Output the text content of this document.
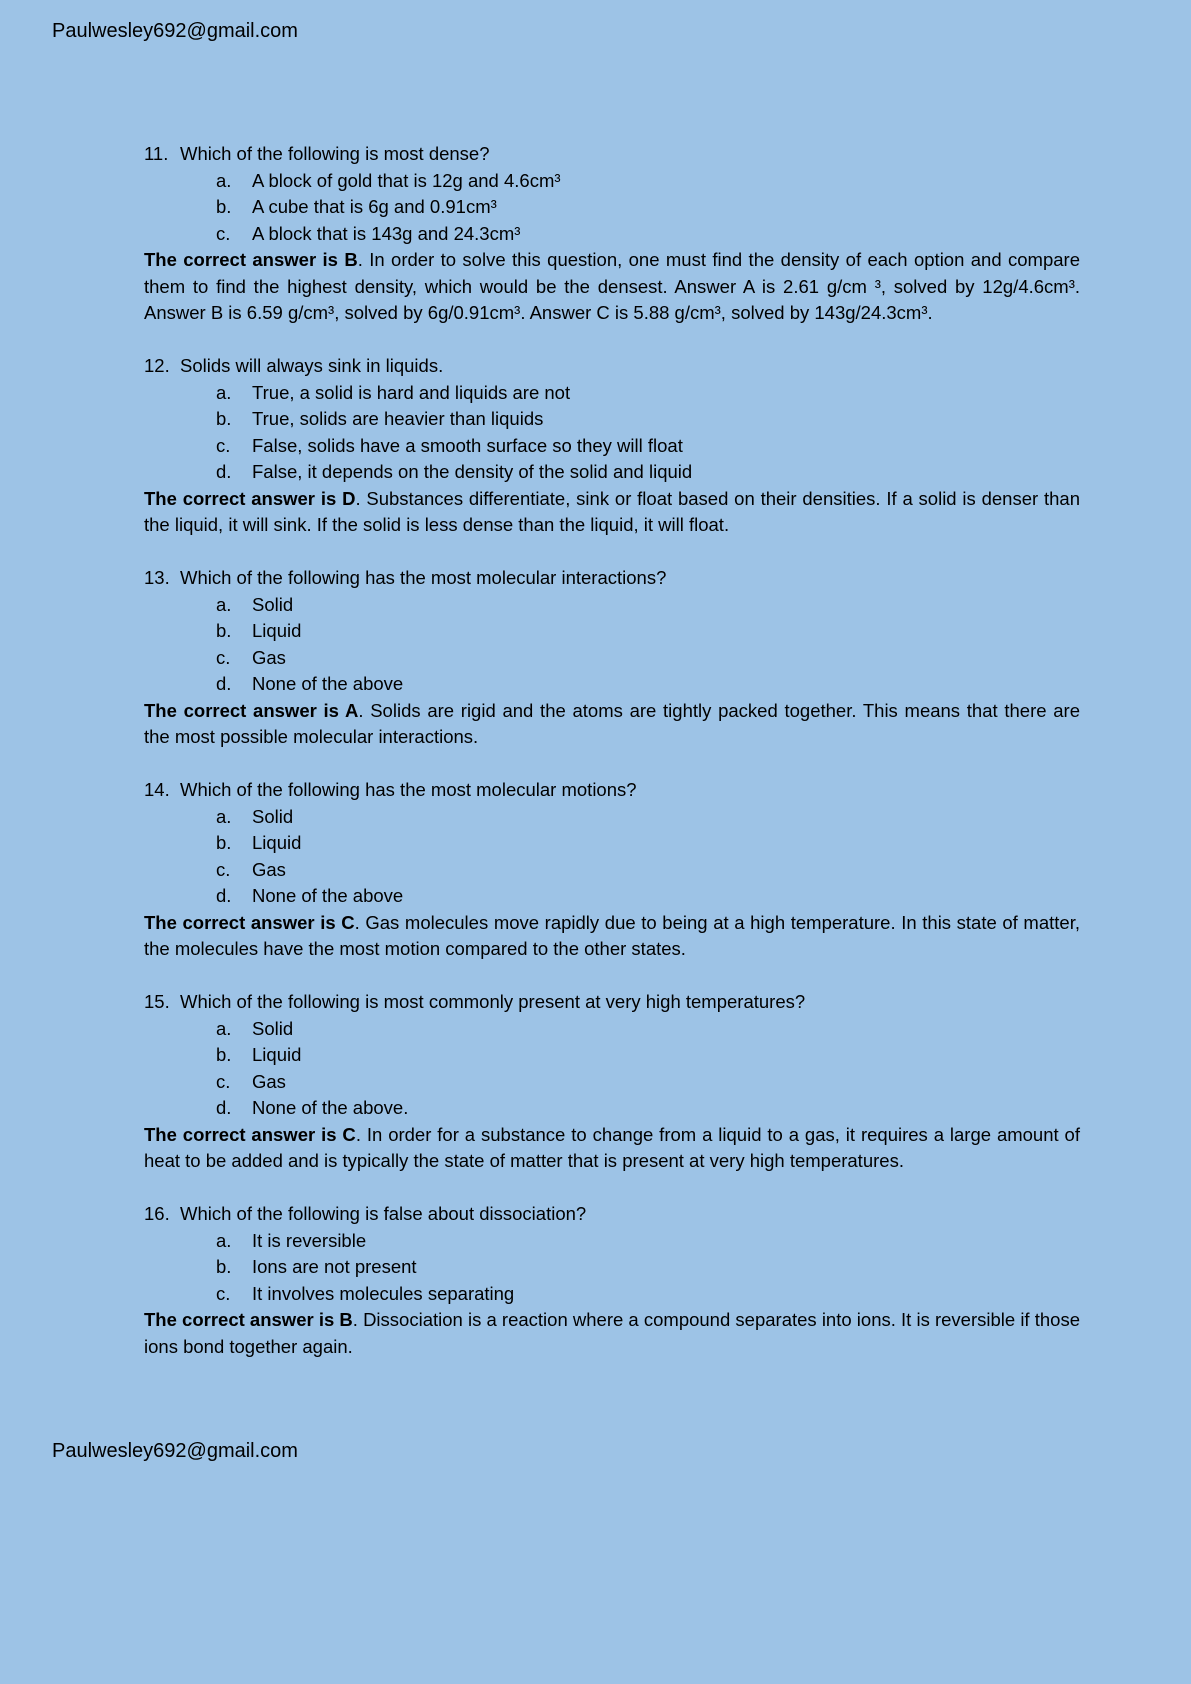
Paulwesley692@gmail.com
11. Which of the following is most dense?
a. A block of gold that is 12g and 4.6cm³
b. A cube that is 6g and 0.91cm³
c. A block that is 143g and 24.3cm³

The correct answer is B. In order to solve this question, one must find the density of each option and compare them to find the highest density, which would be the densest. Answer A is 2.61 g/cm ³, solved by 12g/4.6cm³. Answer B is 6.59 g/cm³, solved by 6g/0.91cm³. Answer C is 5.88 g/cm³, solved by 143g/24.3cm³.

12. Solids will always sink in liquids.
a. True, a solid is hard and liquids are not
b. True, solids are heavier than liquids
c. False, solids have a smooth surface so they will float
d. False, it depends on the density of the solid and liquid

The correct answer is D. Substances differentiate, sink or float based on their densities. If a solid is denser than the liquid, it will sink. If the solid is less dense than the liquid, it will float.

13. Which of the following has the most molecular interactions?
a. Solid
b. Liquid
c. Gas
d. None of the above

The correct answer is A. Solids are rigid and the atoms are tightly packed together. This means that there are the most possible molecular interactions.

14. Which of the following has the most molecular motions?
a. Solid
b. Liquid
c. Gas
d. None of the above

The correct answer is C. Gas molecules move rapidly due to being at a high temperature. In this state of matter, the molecules have the most motion compared to the other states.

15. Which of the following is most commonly present at very high temperatures?
a. Solid
b. Liquid
c. Gas
d. None of the above.

The correct answer is C. In order for a substance to change from a liquid to a gas, it requires a large amount of heat to be added and is typically the state of matter that is present at very high temperatures.

16. Which of the following is false about dissociation?
a. It is reversible
b. Ions are not present
c. It involves molecules separating

The correct answer is B. Dissociation is a reaction where a compound separates into ions. It is reversible if those ions bond together again.

Paulwesley692@gmail.com
